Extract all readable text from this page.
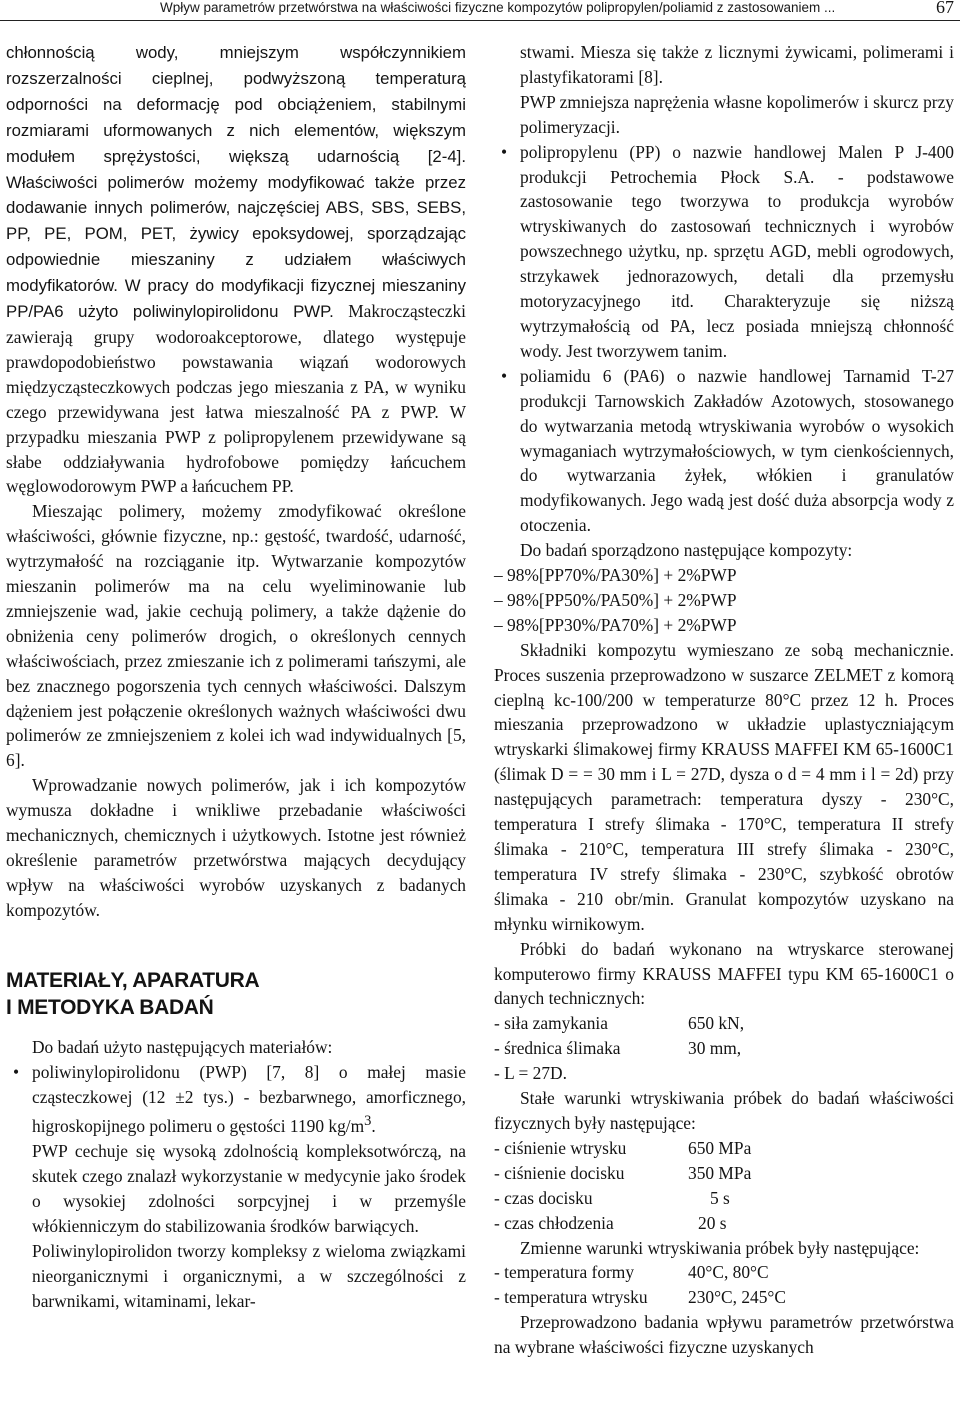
Wpływ parametrów przetwórstwa na właściwości fizyczne kompozytów polipropylen/poliamid z zastosowaniem ...	67

chłonnością wody, mniejszym współczynnikiem rozszerzalności cieplnej, podwyższoną temperaturą odporności na deformację pod obciążeniem, stabilnymi rozmiarami uformowanych z nich elementów, większym modułem sprężystości, większą udarnością [2-4]. Właściwości polimerów możemy modyfikować także przez dodawanie innych polimerów, najczęściej ABS, SBS, SEBS, PP, PE, POM, PET, żywicy epoksydowej, sporządzając odpowiednie mieszaniny z udziałem właściwych modyfikatorów. W pracy do modyfikacji fizycznej mieszaniny PP/PA6 użyto poliwinylopirolidonu PWP. Makrocząsteczki zawierają grupy wodoroakceptorowe, dlatego występuje prawdopodobieństwo powstawania wiązań wodorowych międzycząsteczkowych podczas jego mieszania z PA, w wyniku czego przewidywana jest łatwa mieszalność PA z PWP. W przypadku mieszania PWP z polipropylenem przewidywane są słabe oddziaływania hydrofobowe pomiędzy łańcuchem węglowodorowym PWP a łańcuchem PP.

Mieszając polimery, możemy zmodyfikować określone właściwości, głównie fizyczne, np.: gęstość, twardość, udarność, wytrzymałość na rozciąganie itp. Wytwarzanie kompozytów mieszanin polimerów ma na celu wyeliminowanie lub zmniejszenie wad, jakie cechują polimery, a także dążenie do obniżenia ceny polimerów drogich, o określonych cennych właściwościach, przez zmieszanie ich z polimerami tańszymi, ale bez znacznego pogorszenia tych cennych właściwości. Dalszym dążeniem jest połączenie określonych ważnych właściwości dwu polimerów ze zmniejszeniem z kolei ich wad indywidualnych [5, 6].

Wprowadzanie nowych polimerów, jak i ich kompozytów wymusza dokładne i wnikliwe przebadanie właściwości mechanicznych, chemicznych i użytkowych. Istotne jest również określenie parametrów przetwórstwa mających decydujący wpływ na właściwości wyrobów uzyskanych z badanych kompozytów.

MATERIAŁY, APARATURA
I METODYKA BADAŃ

Do badań użyto następujących materiałów:

• poliwinylopirolidonu (PWP) [7, 8] o małej masie cząsteczkowej (12 ±2 tys.) - bezbarwnego, amorficznego, higroskopijnego polimeru o gęstości 1190 $kg/m^3$.

PWP cechuje się wysoką zdolnością kompleksotwórczą, na skutek czego znalazł wykorzystanie w medycynie jako środek o wysokiej zdolności sorpcyjnej i w przemyśle włókienniczym do stabilizowania środków barwiących.

Poliwinylopirolidon tworzy kompleksy z wieloma związkami nieorganicznymi i organicznymi, a w szczególności z barwnikami, witaminami, lekar-

stwami. Miesza się także z licznymi żywicami, polimerami i plastyfikatorami [8].

PWP zmniejsza naprężenia własne kopolimerów i skurcz przy polimeryzacji.

• polipropylenu (PP) o nazwie handlowej Malen P J-400 produkcji Petrochemia Płock S.A. - podstawowe zastosowanie tego tworzywa to produkcja wyrobów wtryskiwanych do zastosowań technicznych i wyrobów powszechnego użytku, np. sprzętu AGD, mebli ogrodowych, strzykawek jednorazowych, detali dla przemysłu motoryzacyjnego itd. Charakteryzuje się niższą wytrzymałością od PA, lecz posiada mniejszą chłonność wody. Jest tworzywem tanim.
• poliamidu 6 (PA6) o nazwie handlowej Tarnamid T-27 produkcji Tarnowskich Zakładów Azotowych, stosowanego do wytwarzania metodą wtryskiwania wyrobów o wysokich wymaganiach wytrzymałościowych, w tym cienkościennych, do wytwarzania żyłek, włókien i granulatów modyfikowanych. Jego wadą jest dość duża absorpcja wody z otoczenia.

Do badań sporządzono następujące kompozyty:

– 98%[PP70%/PA30%] + 2%PWP
– 98%[PP50%/PA50%] + 2%PWP
– 98%[PP30%/PA70%] + 2%PWP

Składniki kompozytu wymieszano ze sobą mechanicznie. Proces suszenia przeprowadzono w suszarce ZELMET z komorą cieplną kc-100/200 w temperaturze 80°C przez 12 h. Proces mieszania przeprowadzono w układzie uplastyczniającym wtryskarki ślimakowej firmy KRAUSS MAFFEI KM 65-1600C1 (ślimak D = = 30 mm i L = 27D, dysza o d = 4 mm i l = 2d) przy następujących parametrach: temperatura dyszy - 230°C, temperatura I strefy ślimaka - 170°C, temperatura II strefy ślimaka - 210°C, temperatura III strefy ślimaka - 230°C, temperatura IV strefy ślimaka - 230°C, szybkość obrotów ślimaka - 210 obr/min. Granulat kompozytów uzyskano na młynku wirnikowym.

Próbki do badań wykonano na wtryskarce sterowanej komputerowo firmy KRAUSS MAFFEI typu KM 65-1600C1 o danych technicznych:

- siła zamykania	650 kN,
- średnica ślimaka	30 mm,
- L = 27D.

Stałe warunki wtryskiwania próbek do badań właściwości fizycznych były następujące:

- ciśnienie wtrysku	650 MPa
- ciśnienie docisku	350 MPa
- czas docisku	5 s
- czas chłodzenia	20 s

Zmienne warunki wtryskiwania próbek były następujące:

- temperatura formy	40°C, 80°C
- temperatura wtrysku	230°C, 245°C

Przeprowadzono badania wpływu parametrów przetwórstwa na wybrane właściwości fizyczne uzyskanych
